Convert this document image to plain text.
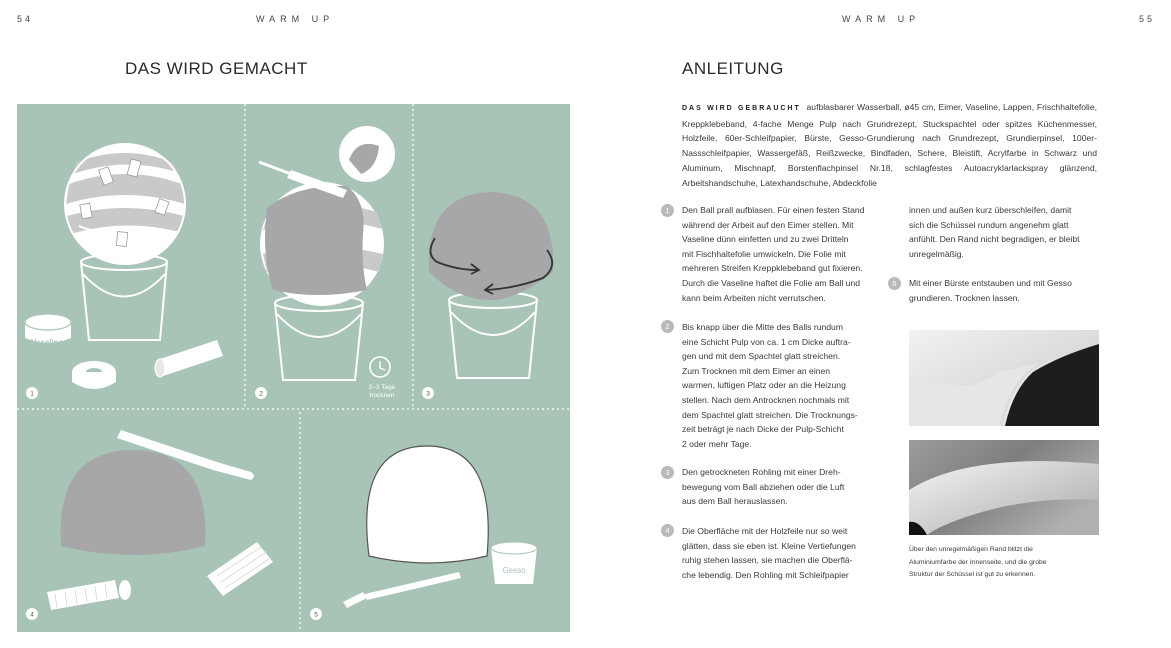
54	WARM UP	WARM UP	55
DAS WIRD GEMACHT	ANLEITUNG
Vaseline
2–3 Tage
trocknen
Gesso
1	2	3
4	5

DAS WIRD GEBRAUCHT aufblasbarer Wasserball, ø45 cm, Eimer, Vaseline, Lappen, Frischhaltefolie, Kreppklebeband, 4-fache Menge Pulp nach Grundrezept, Stuckspachtel oder spitzes Küchenmesser, Holzfeile, 60er-Schleifpapier, Bürste, Gesso-Grundierung nach Grundrezept, Grundierpinsel, 100er-Nassschleifpapier, Wassergefäß, Reißzwecke, Bindfaden, Schere, Bleistift, Acrylfarbe in Schwarz und Aluminum, Mischnapf, Borstenflachpinsel Nr.18, schlagfestes Autoacryklarlackspray glänzend, Arbeitshandschuhe, Latexhandschuhe, Abdeckfolie

1	Den Ball prall aufblasen. Für einen festen Stand
während der Arbeit auf den Eimer stellen. Mit
Vaseline dünn einfetten und zu zwei Dritteln
mit Fischhaltefolie umwickeln. Die Folie mit
mehreren Streifen Kreppklebeband gut fixieren.
Durch die Vaseline haftet die Folie am Ball und
kann beim Arbeiten nicht verrutschen.
2	Bis knapp über die Mitte des Balls rundum
eine Schicht Pulp von ca. 1 cm Dicke auftra-
gen und mit dem Spachtel glatt streichen.
Zum Trocknen mit dem Eimer an einen
warmen, luftigen Platz oder an die Heizung
stellen. Nach dem Antrocknen nochmals mit
dem Spachtel glatt streichen. Die Trocknungs-
zeit beträgt je nach Dicke der Pulp-Schicht
2 oder mehr Tage.
3	Den getrockneten Rohling mit einer Dreh-
bewegung vom Ball abziehen oder die Luft
aus dem Ball herauslassen.
4	Die Oberfläche mit der Holzfeile nur so weit
glätten, dass sie eben ist. Kleine Vertiefungen
ruhig stehen lassen, sie machen die Oberflä-
che lebendig. Den Rohling mit Schleifpapier
innen und außen kurz überschleifen, damit
sich die Schüssel rundum angenehm glatt
anfühlt. Den Rand nicht begradigen, er bleibt
unregelmäßig.
5	Mit einer Bürste entstauben und mit Gesso
grundieren. Trocknen lassen.
Über den unregelmäßigen Rand blitzt die
Aluminiumfarbe der Innenseite, und die grobe
Struktur der Schüssel ist gut zu erkennen.
